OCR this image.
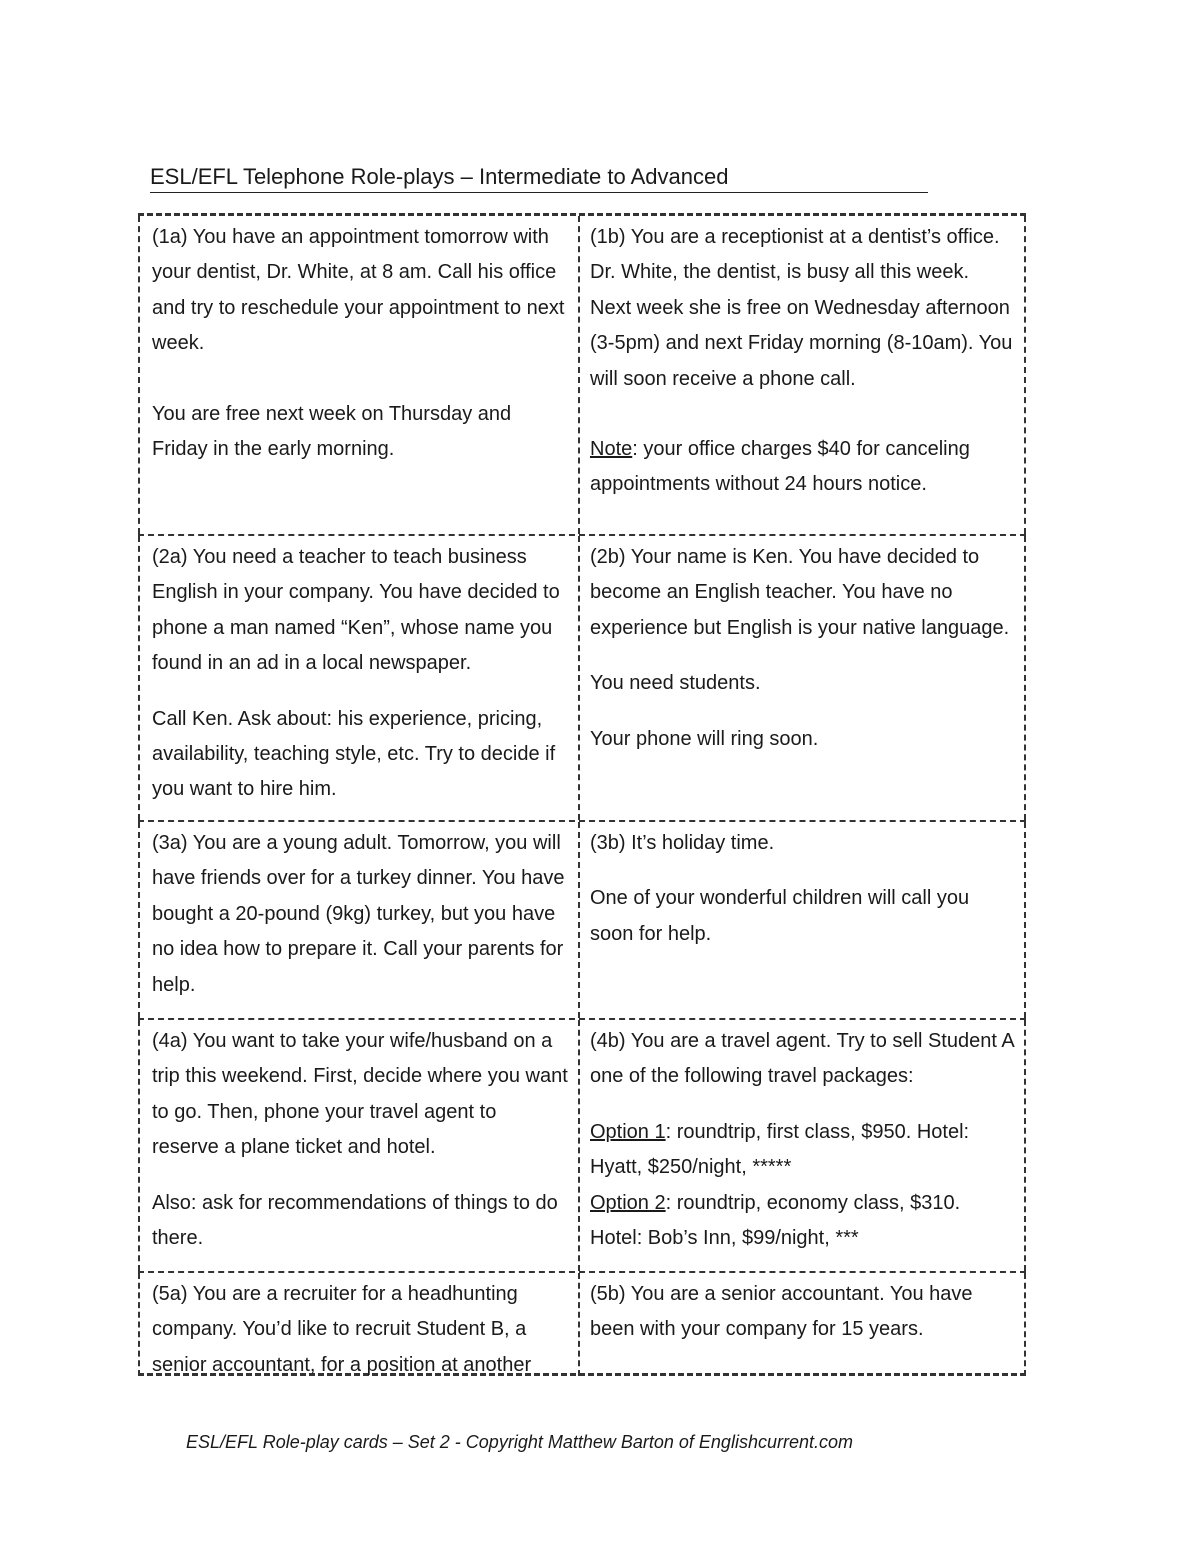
ESL/EFL Telephone Role-plays – Intermediate to Advanced

(1a) You have an appointment tomorrow with your dentist, Dr. White, at 8 am. Call his office and try to reschedule your appointment to next week.

You are free next week on Thursday and Friday in the early morning.

(1b) You are a receptionist at a dentist’s office. Dr. White, the dentist, is busy all this week. Next week she is free on Wednesday afternoon (3-5pm) and next Friday morning (8-10am). You will soon receive a phone call.

Note: your office charges $40 for canceling appointments without 24 hours notice.

(2a) You need a teacher to teach business English in your company. You have decided to phone a man named “Ken”, whose name you found in an ad in a local newspaper.

Call Ken. Ask about: his experience, pricing, availability, teaching style, etc. Try to decide if you want to hire him.

(2b) Your name is Ken. You have decided to become an English teacher. You have no experience but English is your native language.

You need students.

Your phone will ring soon.

(3a) You are a young adult. Tomorrow, you will have friends over for a turkey dinner. You have bought a 20-pound (9kg) turkey, but you have no idea how to prepare it. Call your parents for help.

(3b) It’s holiday time.

One of your wonderful children will call you soon for help.

(4a) You want to take your wife/husband on a trip this weekend. First, decide where you want to go. Then, phone your travel agent to reserve a plane ticket and hotel.

Also: ask for recommendations of things to do there.

(4b) You are a travel agent. Try to sell Student A one of the following travel packages:

Option 1: roundtrip, first class, $950. Hotel: Hyatt, $250/night, *****

Option 2: roundtrip, economy class, $310. Hotel: Bob’s Inn, $99/night, ***

(5a) You are a recruiter for a headhunting company. You’d like to recruit Student B, a senior accountant, for a position at another

(5b) You are a senior accountant. You have been with your company for 15 years.

ESL/EFL Role-play cards – Set 2 - Copyright Matthew Barton of Englishcurrent.com
